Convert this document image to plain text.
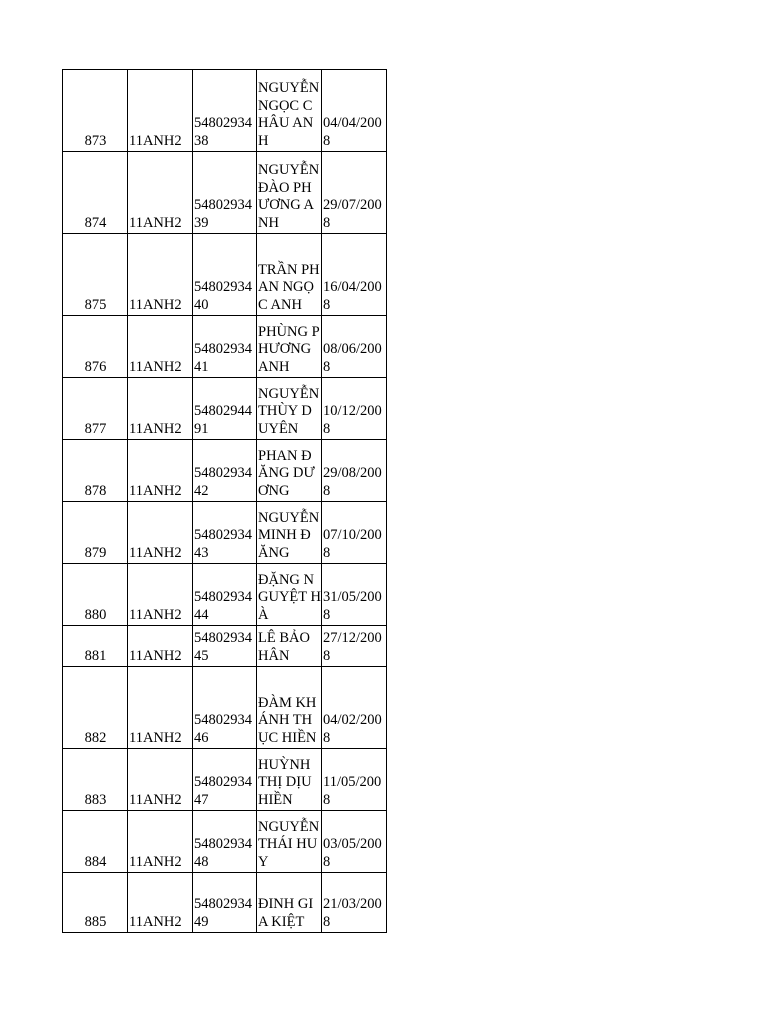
873	11ANH2	5480293438	NGUYỄN NGỌC CHÂU ANH	04/04/2008
874	11ANH2	5480293439	NGUYỄN ĐÀO PHƯƠNG ANH	29/07/2008
875	11ANH2	5480293440	TRẦN PHAN NGỌC ANH	16/04/2008
876	11ANH2	5480293441	PHÙNG PHƯƠNG ANH	08/06/2008
877	11ANH2	5480294491	NGUYỄN THÙY DUYÊN	10/12/2008
878	11ANH2	5480293442	PHAN ĐĂNG DƯƠNG	29/08/2008
879	11ANH2	5480293443	NGUYỄN MINH ĐĂNG	07/10/2008
880	11ANH2	5480293444	ĐẶNG NGUYỆT HÀ	31/05/2008
881	11ANH2	5480293445	LÊ BẢO HÂN	27/12/2008
882	11ANH2	5480293446	ĐÀM KHÁNH THỤC HIỀN	04/02/2008
883	11ANH2	5480293447	HUỲNH THỊ DỊU HIỀN	11/05/2008
884	11ANH2	5480293448	NGUYỄN THÁI HUY	03/05/2008
885	11ANH2	5480293449	ĐINH GIA KIỆT	21/03/2008
